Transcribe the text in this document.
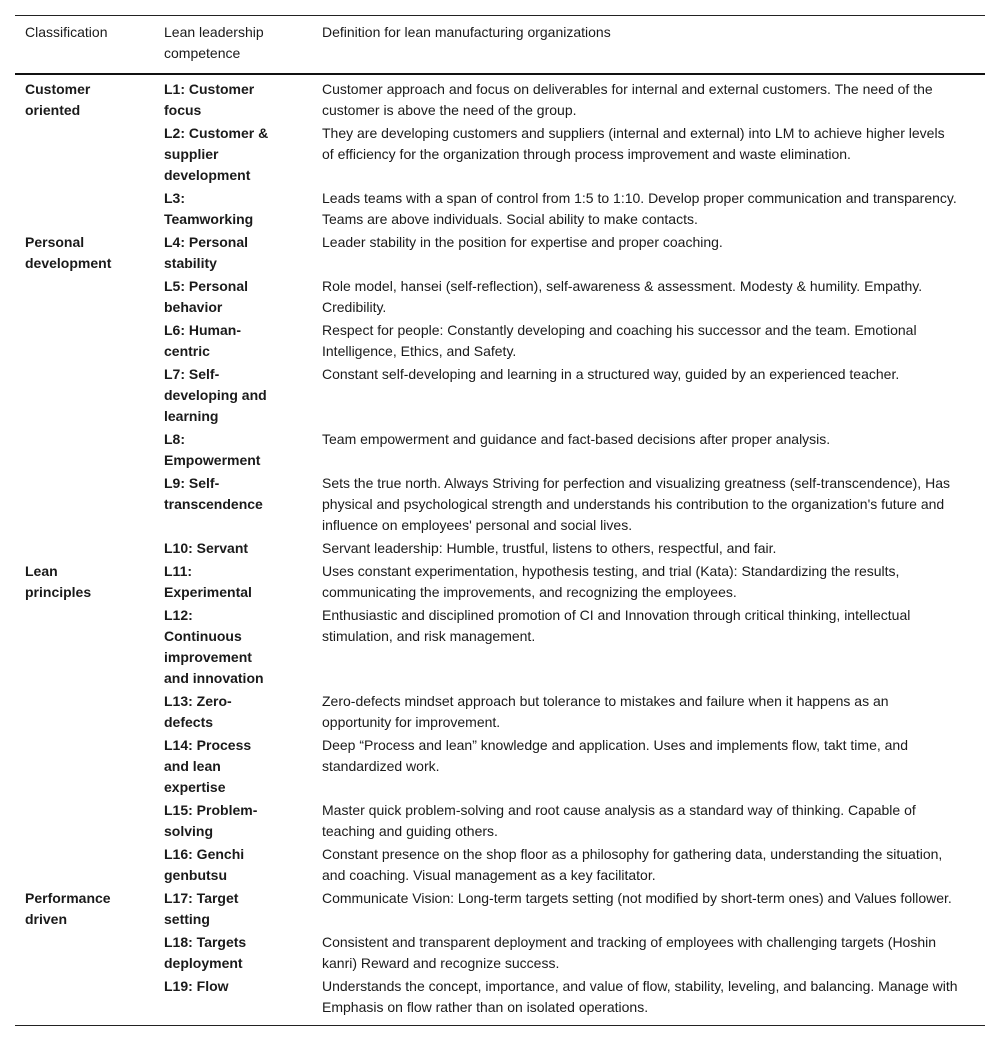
Classification	Lean leadership competence	Definition for lean manufacturing organizations

Customer oriented	L1: Customer focus	Customer approach and focus on deliverables for internal and external customers. The need of the customer is above the need of the group.

	L2: Customer & supplier development	They are developing customers and suppliers (internal and external) into LM to achieve higher levels of efficiency for the organization through process improvement and waste elimination.

	L3: Teamworking	Leads teams with a span of control from 1:5 to 1:10. Develop proper communication and transparency. Teams are above individuals. Social ability to make contacts.

Personal development	L4: Personal stability	Leader stability in the position for expertise and proper coaching.

	L5: Personal behavior	Role model, hansei (self-reflection), self-awareness & assessment. Modesty & humility. Empathy. Credibility.

	L6: Human-centric	Respect for people: Constantly developing and coaching his successor and the team. Emotional Intelligence, Ethics, and Safety.

	L7: Self-developing and learning	Constant self-developing and learning in a structured way, guided by an experienced teacher.

	L8: Empowerment	Team empowerment and guidance and fact-based decisions after proper analysis.

	L9: Self-transcendence	Sets the true north. Always Striving for perfection and visualizing greatness (self-transcendence), Has physical and psychological strength and understands his contribution to the organization's future and influence on employees' personal and social lives.

	L10: Servant	Servant leadership: Humble, trustful, listens to others, respectful, and fair.

Lean principles	L11: Experimental	Uses constant experimentation, hypothesis testing, and trial (Kata): Standardizing the results, communicating the improvements, and recognizing the employees.

	L12: Continuous improvement and innovation	Enthusiastic and disciplined promotion of CI and Innovation through critical thinking, intellectual stimulation, and risk management.

	L13: Zero-defects	Zero-defects mindset approach but tolerance to mistakes and failure when it happens as an opportunity for improvement.

	L14: Process and lean expertise	Deep “Process and lean” knowledge and application. Uses and implements flow, takt time, and standardized work.

	L15: Problem-solving	Master quick problem-solving and root cause analysis as a standard way of thinking. Capable of teaching and guiding others.

	L16: Genchi genbutsu	Constant presence on the shop floor as a philosophy for gathering data, understanding the situation, and coaching. Visual management as a key facilitator.

Performance driven	L17: Target setting	Communicate Vision: Long-term targets setting (not modified by short-term ones) and Values follower.

	L18: Targets deployment	Consistent and transparent deployment and tracking of employees with challenging targets (Hoshin kanri) Reward and recognize success.

	L19: Flow	Understands the concept, importance, and value of flow, stability, leveling, and balancing. Manage with Emphasis on flow rather than on isolated operations.
